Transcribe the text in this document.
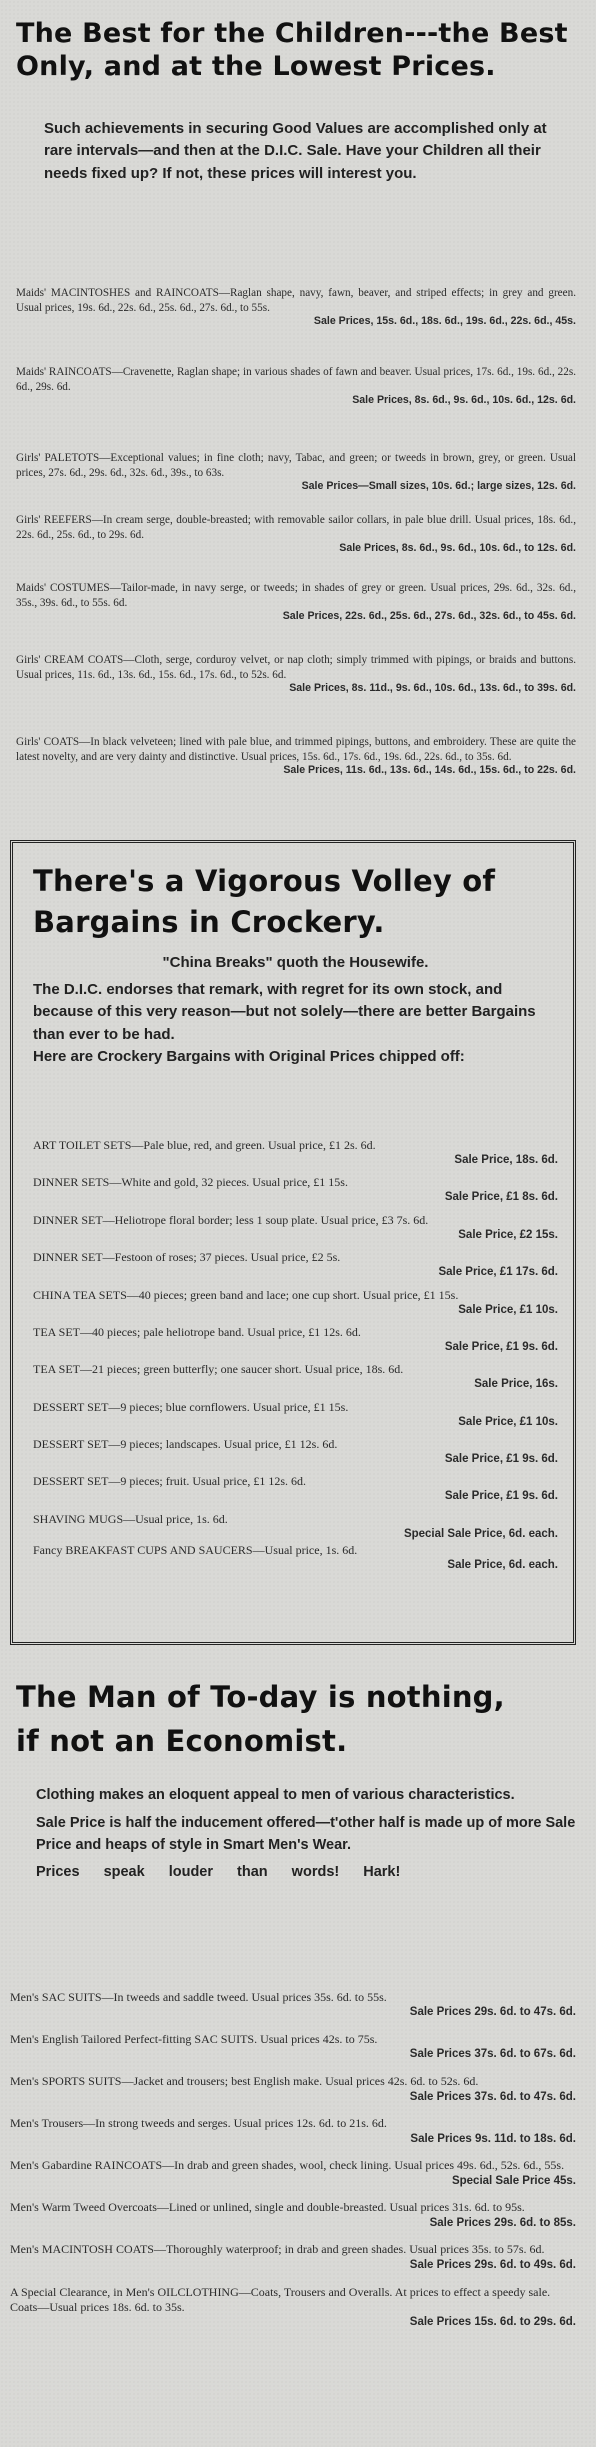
The Best for the Children---the Best
Only, and at the Lowest Prices.

Such achievements in securing Good Values are accomplished only at rare intervals—and then at the D.I.C. Sale. Have your Children all their needs fixed up? If not, these prices will interest you.

Maids' MACINTOSHES and RAINCOATS—Raglan shape, navy, fawn, beaver, and striped effects; in grey and green. Usual prices, 19s. 6d., 22s. 6d., 25s. 6d., 27s. 6d., to 55s.
Sale Prices, 15s. 6d., 18s. 6d., 19s. 6d., 22s. 6d., 45s.

Maids' RAINCOATS—Cravenette, Raglan shape; in various shades of fawn and beaver. Usual prices, 17s. 6d., 19s. 6d., 22s. 6d., 29s. 6d.
Sale Prices, 8s. 6d., 9s. 6d., 10s. 6d., 12s. 6d.

Girls' PALETOTS—Exceptional values; in fine cloth; navy, Tabac, and green; or tweeds in brown, grey, or green. Usual prices, 27s. 6d., 29s. 6d., 32s. 6d., 39s., to 63s.
Sale Prices—Small sizes, 10s. 6d.; large sizes, 12s. 6d.

Girls' REEFERS—In cream serge, double-breasted; with removable sailor collars, in pale blue drill. Usual prices, 18s. 6d., 22s. 6d., 25s. 6d., to 29s. 6d.
Sale Prices, 8s. 6d., 9s. 6d., 10s. 6d., to 12s. 6d.

Maids' COSTUMES—Tailor-made, in navy serge, or tweeds; in shades of grey or green. Usual prices, 29s. 6d., 32s. 6d., 35s., 39s. 6d., to 55s. 6d.
Sale Prices, 22s. 6d., 25s. 6d., 27s. 6d., 32s. 6d., to 45s. 6d.

Girls' CREAM COATS—Cloth, serge, corduroy velvet, or nap cloth; simply trimmed with pipings, or braids and buttons. Usual prices, 11s. 6d., 13s. 6d., 15s. 6d., 17s. 6d., to 52s. 6d.
Sale Prices, 8s. 11d., 9s. 6d., 10s. 6d., 13s. 6d., to 39s. 6d.

Girls' COATS—In black velveteen; lined with pale blue, and trimmed pipings, buttons, and embroidery. These are quite the latest novelty, and are very dainty and distinctive. Usual prices, 15s. 6d., 17s. 6d., 19s. 6d., 22s. 6d., to 35s. 6d.
Sale Prices, 11s. 6d., 13s. 6d., 14s. 6d., 15s. 6d., to 22s. 6d.

There's a Vigorous Volley of
Bargains in Crockery.

"China Breaks" quoth the Housewife.

The D.I.C. endorses that remark, with regret for its own stock, and because of this very reason—but not solely—there are better Bargains than ever to be had.

Here are Crockery Bargains with Original Prices chipped off:

ART TOILET SETS—Pale blue, red, and green. Usual price, £1 2s. 6d.
Sale Price, 18s. 6d.

DINNER SETS—White and gold, 32 pieces. Usual price, £1 15s.
Sale Price, £1 8s. 6d.

DINNER SET—Heliotrope floral border; less 1 soup plate. Usual price, £3 7s. 6d.
Sale Price, £2 15s.

DINNER SET—Festoon of roses; 37 pieces. Usual price, £2 5s.
Sale Price, £1 17s. 6d.

CHINA TEA SETS—40 pieces; green band and lace; one cup short. Usual price, £1 15s.
Sale Price, £1 10s.

TEA SET—40 pieces; pale heliotrope band. Usual price, £1 12s. 6d.
Sale Price, £1 9s. 6d.

TEA SET—21 pieces; green butterfly; one saucer short. Usual price, 18s. 6d.
Sale Price, 16s.

DESSERT SET—9 pieces; blue cornflowers. Usual price, £1 15s.
Sale Price, £1 10s.

DESSERT SET—9 pieces; landscapes. Usual price, £1 12s. 6d.
Sale Price, £1 9s. 6d.

DESSERT SET—9 pieces; fruit. Usual price, £1 12s. 6d.
Sale Price, £1 9s. 6d.

SHAVING MUGS—Usual price, 1s. 6d.
Special Sale Price, 6d. each.

Fancy BREAKFAST CUPS AND SAUCERS—Usual price, 1s. 6d.
Sale Price, 6d. each.

The Man of To-day is nothing,
if not an Economist.

Clothing makes an eloquent appeal to men of various characteristics.

Sale Price is half the inducement offered—t'other half is made up of more Sale Price and heaps of style in Smart Men's Wear.

Prices speak louder than words! Hark!

Men's SAC SUITS—In tweeds and saddle tweed. Usual prices 35s. 6d. to 55s.
Sale Prices 29s. 6d. to 47s. 6d.

Men's English Tailored Perfect-fitting SAC SUITS. Usual prices 42s. to 75s.
Sale Prices 37s. 6d. to 67s. 6d.

Men's SPORTS SUITS—Jacket and trousers; best English make. Usual prices 42s. 6d. to 52s. 6d.
Sale Prices 37s. 6d. to 47s. 6d.

Men's Trousers—In strong tweeds and serges. Usual prices 12s. 6d. to 21s. 6d.
Sale Prices 9s. 11d. to 18s. 6d.

Men's Gabardine RAINCOATS—In drab and green shades, wool, check lining. Usual prices 49s. 6d., 52s. 6d., 55s.
Special Sale Price 45s.

Men's Warm Tweed Overcoats—Lined or unlined, single and double-breasted. Usual prices 31s. 6d. to 95s.
Sale Prices 29s. 6d. to 85s.

Men's MACINTOSH COATS—Thoroughly waterproof; in drab and green shades. Usual prices 35s. to 57s. 6d.
Sale Prices 29s. 6d. to 49s. 6d.

A Special Clearance, in Men's OILCLOTHING—Coats, Trousers and Overalls. At prices to effect a speedy sale. Coats—Usual prices 18s. 6d. to 35s.
Sale Prices 15s. 6d. to 29s. 6d.
